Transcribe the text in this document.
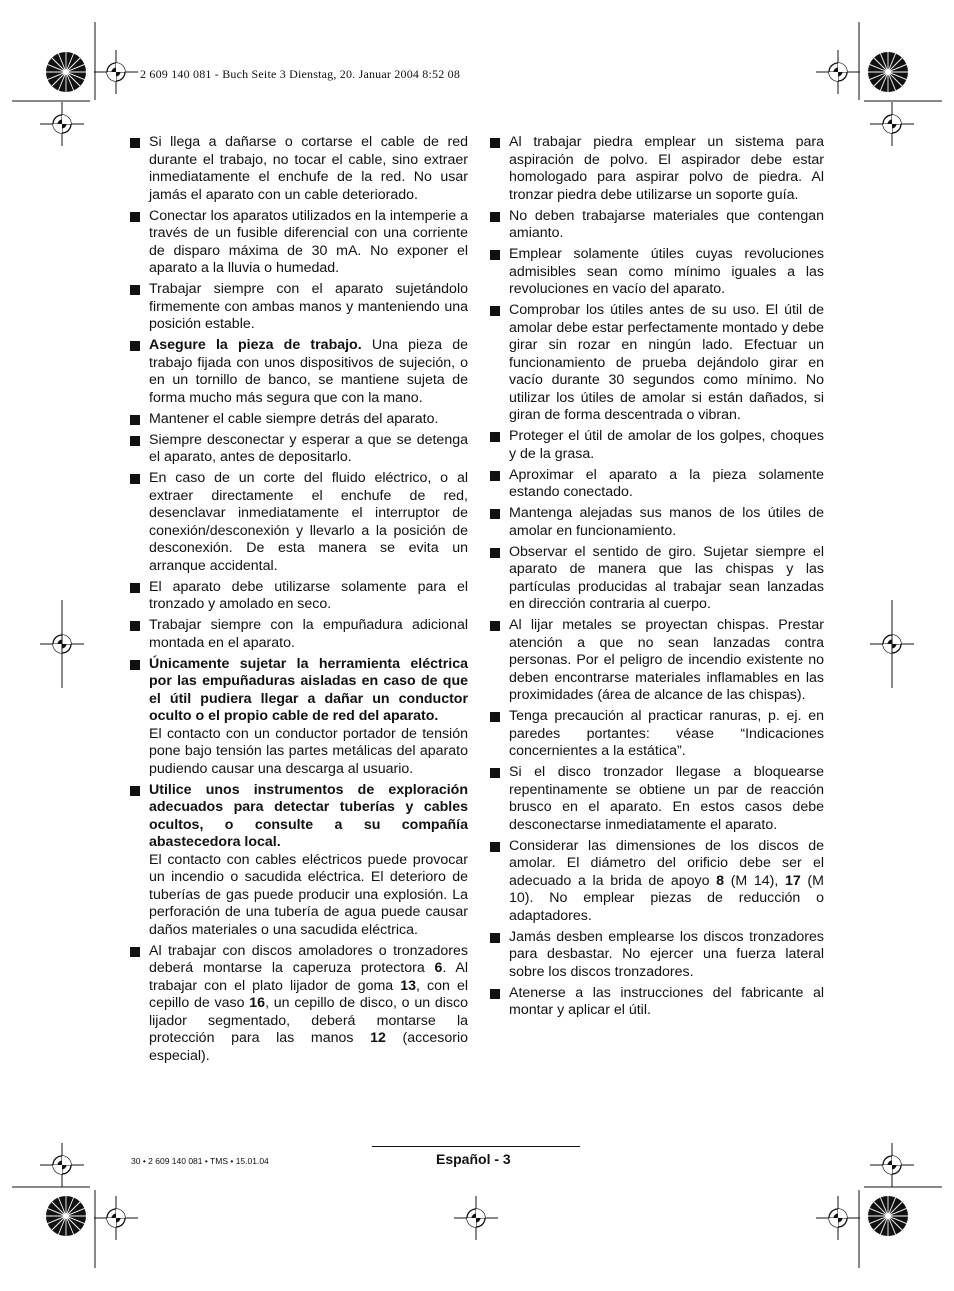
2 609 140 081 - Buch Seite 3 Dienstag, 20. Januar 2004 8:52 08

Si llega a dañarse o cortarse el cable de red durante el trabajo, no tocar el cable, sino extraer inmediatamente el enchufe de la red. No usar jamás el aparato con un cable deteriorado.

Conectar los aparatos utilizados en la intemperie a través de un fusible diferencial con una corriente de disparo máxima de 30 mA. No exponer el aparato a la lluvia o humedad.

Trabajar siempre con el aparato sujetándolo firmemente con ambas manos y manteniendo una posición estable.

Asegure la pieza de trabajo. Una pieza de trabajo fijada con unos dispositivos de sujeción, o en un tornillo de banco, se mantiene sujeta de forma mucho más segura que con la mano.

Mantener el cable siempre detrás del aparato.

Siempre desconectar y esperar a que se detenga el aparato, antes de depositarlo.

En caso de un corte del fluido eléctrico, o al extraer directamente el enchufe de red, desenclavar inmediatamente el interruptor de conexión/desconexión y llevarlo a la posición de desconexión. De esta manera se evita un arranque accidental.

El aparato debe utilizarse solamente para el tronzado y amolado en seco.

Trabajar siempre con la empuñadura adicional montada en el aparato.

Únicamente sujetar la herramienta eléctrica por las empuñaduras aisladas en caso de que el útil pudiera llegar a dañar un conductor oculto o el propio cable de red del aparato.

El contacto con un conductor portador de tensión pone bajo tensión las partes metálicas del aparato pudiendo causar una descarga al usuario.

Utilice unos instrumentos de exploración adecuados para detectar tuberías y cables ocultos, o consulte a su compañía abastecedora local.

El contacto con cables eléctricos puede provocar un incendio o sacudida eléctrica. El deterioro de tuberías de gas puede producir una explosión. La perforación de una tubería de agua puede causar daños materiales o una sacudida eléctrica.

Al trabajar con discos amoladores o tronzadores deberá montarse la caperuza protectora 6. Al trabajar con el plato lijador de goma 13, con el cepillo de vaso 16, un cepillo de disco, o un disco lijador segmentado, deberá montarse la protección para las manos 12 (accesorio especial).

Al trabajar piedra emplear un sistema para aspiración de polvo. El aspirador debe estar homologado para aspirar polvo de piedra. Al tronzar piedra debe utilizarse un soporte guía.

No deben trabajarse materiales que contengan amianto.

Emplear solamente útiles cuyas revoluciones admisibles sean como mínimo iguales a las revoluciones en vacío del aparato.

Comprobar los útiles antes de su uso. El útil de amolar debe estar perfectamente montado y debe girar sin rozar en ningún lado. Efectuar un funcionamiento de prueba dejándolo girar en vacío durante 30 segundos como mínimo. No utilizar los útiles de amolar si están dañados, si giran de forma descentrada o vibran.

Proteger el útil de amolar de los golpes, choques y de la grasa.

Aproximar el aparato a la pieza solamente estando conectado.

Mantenga alejadas sus manos de los útiles de amolar en funcionamiento.

Observar el sentido de giro. Sujetar siempre el aparato de manera que las chispas y las partículas producidas al trabajar sean lanzadas en dirección contraria al cuerpo.

Al lijar metales se proyectan chispas. Prestar atención a que no sean lanzadas contra personas. Por el peligro de incendio existente no deben encontrarse materiales inflamables en las proximidades (área de alcance de las chispas).

Tenga precaución al practicar ranuras, p. ej. en paredes portantes: véase “Indicaciones concernientes a la estática”.

Si el disco tronzador llegase a bloquearse repentinamente se obtiene un par de reacción brusco en el aparato. En estos casos debe desconectarse inmediatamente el aparato.

Considerar las dimensiones de los discos de amolar. El diámetro del orificio debe ser el adecuado a la brida de apoyo 8 (M 14), 17 (M 10). No emplear piezas de reducción o adaptadores.

Jamás desben emplearse los discos tronzadores para desbastar. No ejercer una fuerza lateral sobre los discos tronzadores.

Atenerse a las instrucciones del fabricante al montar y aplicar el útil.

30 • 2 609 140 081 • TMS • 15.01.04	Español - 3
